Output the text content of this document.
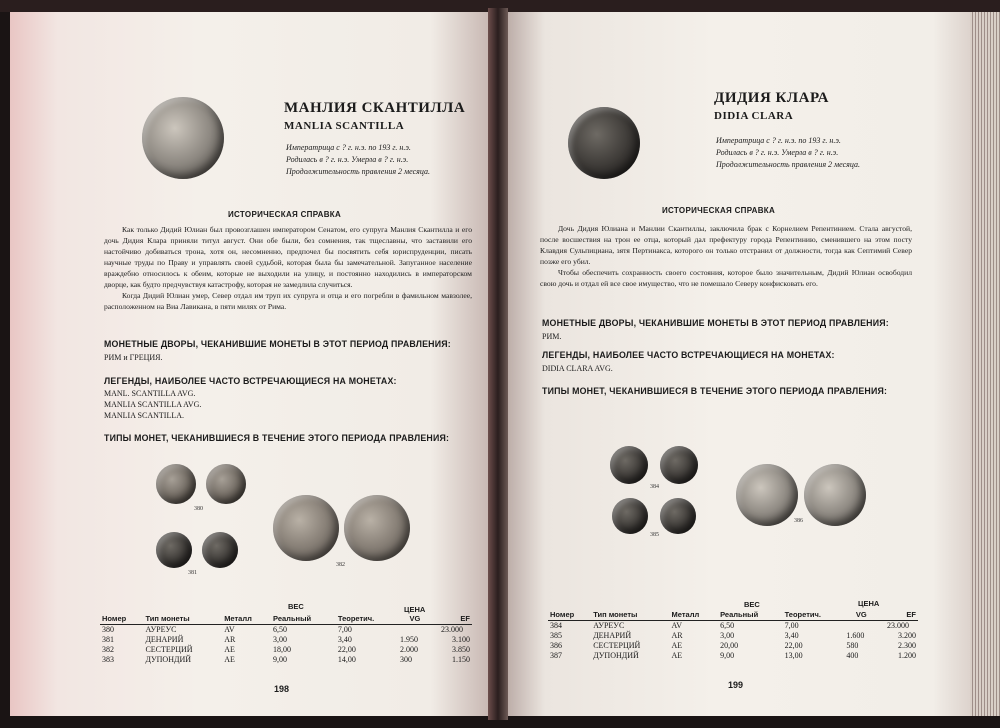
МАНЛИЯ СКАНТИЛЛА
MANLIA SCANTILLA
Императрица с ? г. н.э. по 193 г. н.э.
Родилась в ? г. н.э. Умерла в ? г. н.э.
Продолжительность правления 2 месяца.
ИСТОРИЧЕСКАЯ СПРАВКА

Как только Дидий Юлиан был провозглашен императором Сенатом, его супруга Манлия Скантилла и его дочь Дидия Клара приняли титул август. Они обе были, без сомнения, так тщеславны, что заставили его настойчиво добиваться трона, хотя он, несомненно, предпочел бы посвятить себя юриспруденции, писать научные труды по Праву и управлять своей судьбой, которая была бы замечательной. Запуганное население враждебно относилось к обеим, которые не выходили на улицу, и постоянно находились в императорском дворце, как будто предчувствуя катастрофу, которая не замедлила случиться.

Когда Дидий Юлиан умер, Север отдал им труп их супруга и отца и его погребли в фамильном мавзолее, расположенном на Виа Лавикана, в пяти милях от Рима.

МОНЕТНЫЕ ДВОРЫ, ЧЕКАНИВШИЕ МОНЕТЫ В ЭТОТ ПЕРИОД ПРАВЛЕНИЯ:
РИМ и ГРЕЦИЯ.
ЛЕГЕНДЫ, НАИБОЛЕЕ ЧАСТО ВСТРЕЧАЮЩИЕСЯ НА МОНЕТАХ:
MANL. SCANTILLA AVG.
MANLIA SCANTILLA AVG.
MANLIA SCANTILLA.
ТИПЫ МОНЕТ, ЧЕКАНИВШИЕСЯ В ТЕЧЕНИЕ ЭТОГО ПЕРИОДА ПРАВЛЕНИЯ:
380
381
382
ВЕС	ЦЕНА
Номер	Тип монеты	Металл	Реальный	Теоретич.	VG	EF
380	АУРЕУС	AV	6,50	7,00		23.000
381	ДЕНАРИЙ	AR	3,00	3,40	1.950	3.100
382	СЕСТЕРЦИЙ	AE	18,00	22,00	2.000	3.850
383	ДУПОНДИЙ	AE	9,00	14,00	300	1.150
198
ДИДИЯ КЛАРА
DIDIA CLARA
Императрица с ? г. н.э. по 193 г. н.э.
Родилась в ? г. н.э. Умерла в ? г. н.э.
Продолжительность правления 2 месяца.
ИСТОРИЧЕСКАЯ СПРАВКА

Дочь Дидия Юлиана и Манлии Скантиллы, заключила брак с Корнелием Репентинием. Стала августой, после восшествия на трон ее отца, который дал префектуру города Репентинию, сменившего на этом посту Клавдия Сульпициана, зятя Пертинакса, которого он только отстранил от должности, тогда как Септимий Север позже его убил.

Чтобы обеспечить сохранность своего состояния, которое было значительным, Дидий Юлиан освободил свою дочь и отдал ей все свое имущество, что не помешало Северу конфисковать его.

МОНЕТНЫЕ ДВОРЫ, ЧЕКАНИВШИЕ МОНЕТЫ В ЭТОТ ПЕРИОД ПРАВЛЕНИЯ:
РИМ.
ЛЕГЕНДЫ, НАИБОЛЕЕ ЧАСТО ВСТРЕЧАЮЩИЕСЯ НА МОНЕТАХ:
DIDIA CLARA AVG.
ТИПЫ МОНЕТ, ЧЕКАНИВШИЕСЯ В ТЕЧЕНИЕ ЭТОГО ПЕРИОДА ПРАВЛЕНИЯ:
384
385
386
ВЕС	ЦЕНА
Номер	Тип монеты	Металл	Реальный	Теоретич.	VG	EF
384	АУРЕУС	AV	6,50	7,00		23.000
385	ДЕНАРИЙ	AR	3,00	3,40	1.600	3.200
386	СЕСТЕРЦИЙ	AE	20,00	22,00	580	2.300
387	ДУПОНДИЙ	AE	9,00	13,00	400	1.200
199
